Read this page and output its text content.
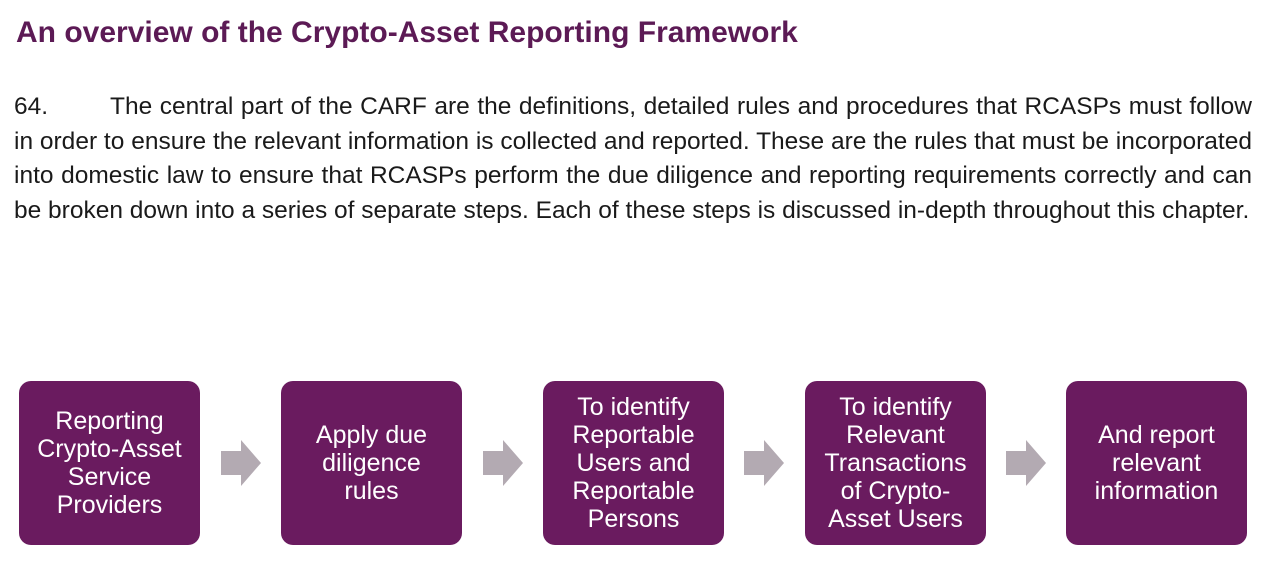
An overview of the Crypto-Asset Reporting Framework

64.	The central part of the CARF are the definitions, detailed rules and procedures that RCASPs must follow in order to ensure the relevant information is collected and reported. These are the rules that must be incorporated into domestic law to ensure that RCASPs perform the due diligence and reporting requirements correctly and can be broken down into a series of separate steps. Each of these steps is discussed in-depth throughout this chapter.

Reporting
Crypto-Asset
Service
Providers
Apply due
diligence
rules
To identify
Reportable
Users and
Reportable
Persons
To identify
Relevant
Transactions
of Crypto-
Asset Users
And report
relevant
information
